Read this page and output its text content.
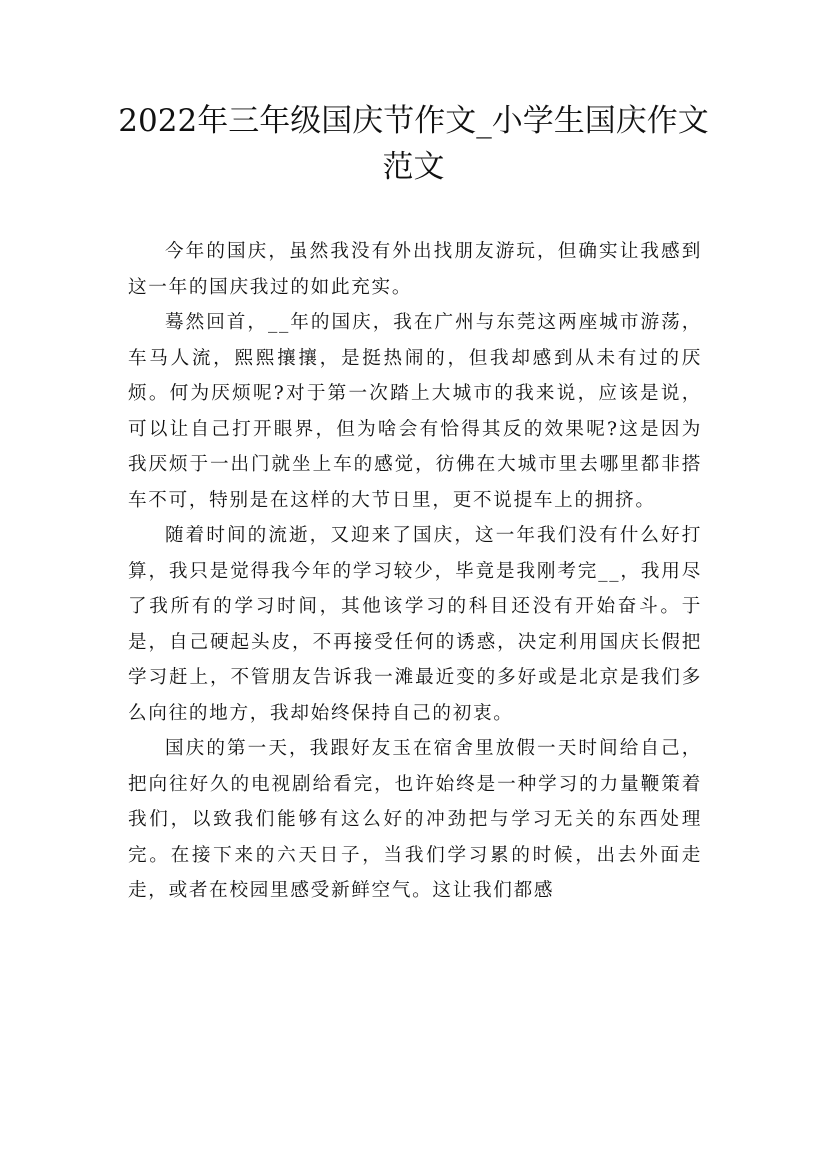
2022年三年级国庆节作文_小学生国庆作文
范文

今年的国庆，虽然我没有外出找朋友游玩，但确实让我感到这一年的国庆我过的如此充实。

蓦然回首，__年的国庆，我在广州与东莞这两座城市游荡，车马人流，熙熙攘攘，是挺热闹的，但我却感到从未有过的厌烦。何为厌烦呢?对于第一次踏上大城市的我来说，应该是说，可以让自己打开眼界，但为啥会有恰得其反的效果呢?这是因为我厌烦于一出门就坐上车的感觉，彷佛在大城市里去哪里都非搭车不可，特别是在这样的大节日里，更不说提车上的拥挤。

随着时间的流逝，又迎来了国庆，这一年我们没有什么好打算，我只是觉得我今年的学习较少，毕竟是我刚考完__，我用尽了我所有的学习时间，其他该学习的科目还没有开始奋斗。于是，自己硬起头皮，不再接受任何的诱惑，决定利用国庆长假把学习赶上，不管朋友告诉我一滩最近变的多好或是北京是我们多么向往的地方，我却始终保持自己的初衷。

国庆的第一天，我跟好友玉在宿舍里放假一天时间给自己，把向往好久的电视剧给看完，也许始终是一种学习的力量鞭策着我们，以致我们能够有这么好的冲劲把与学习无关的东西处理完。在接下来的六天日子，当我们学习累的时候，出去外面走走，或者在校园里感受新鲜空气。这让我们都感
